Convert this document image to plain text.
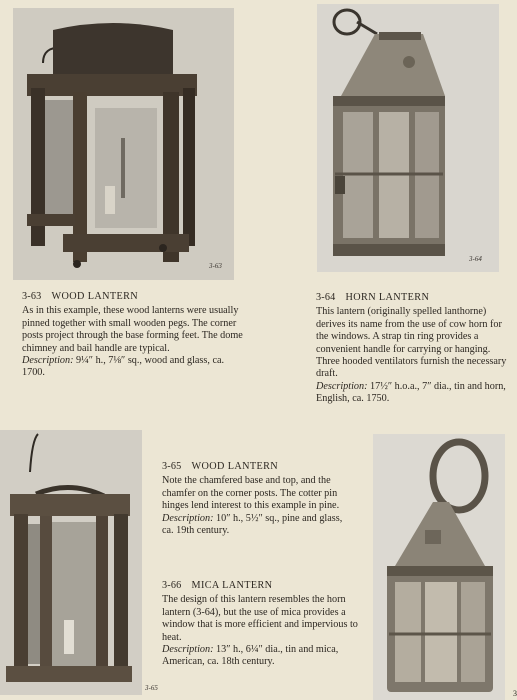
3-63
3-64
3-65
3-63 WOOD LANTERN

As in this example, these wood lanterns were usually pinned together with small wooden pegs. The corner posts project through the base forming feet. The dome chimney and bail handle are typical.

Description: 9¼″ h., 7⅛″ sq., wood and glass, ca. 1700.

3-64 HORN LANTERN

This lantern (originally spelled lanthorne) derives its name from the use of cow horn for the windows. A strap tin ring provides a convenient handle for carrying or hanging. Three hooded ventilators furnish the necessary draft.

Description: 17½″ h.o.a., 7″ dia., tin and horn, English, ca. 1750.

3-65 WOOD LANTERN

Note the chamfered base and top, and the chamfer on the corner posts. The cotter pin hinges lend interest to this example in pine.

Description: 10″ h., 5½″ sq., pine and glass, ca. 19th century.

3-66 MICA LANTERN

The design of this lantern resembles the horn lantern (3-64), but the use of mica provides a window that is more efficient and impervious to heat.

Description: 13″ h., 6¼″ dia., tin and mica, American, ca. 18th century.

3
